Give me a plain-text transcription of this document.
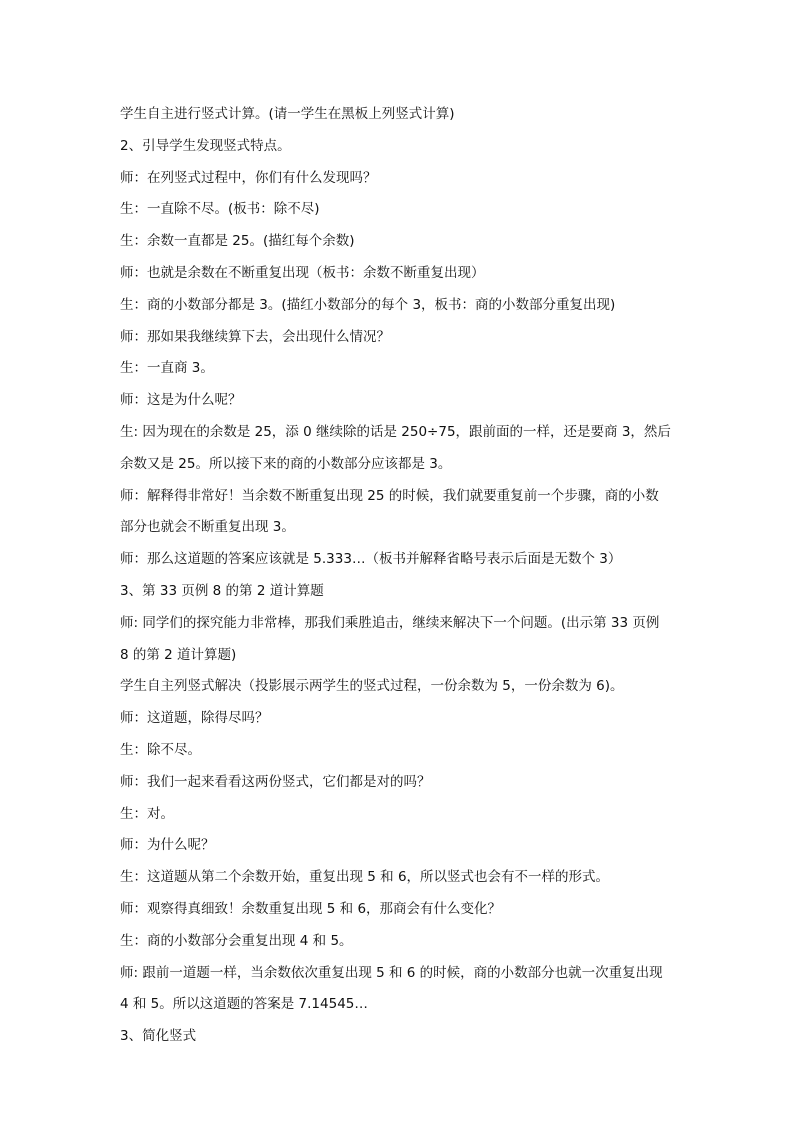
学生自主进行竖式计算。(请一学生在黑板上列竖式计算)
2、引导学生发现竖式特点。
师：在列竖式过程中，你们有什么发现吗？
生：一直除不尽。(板书：除不尽)
生：余数一直都是 25。(描红每个余数)
师：也就是余数在不断重复出现（板书：余数不断重复出现）
生：商的小数部分都是 3。(描红小数部分的每个 3，板书：商的小数部分重复出现)
师：那如果我继续算下去，会出现什么情况？
生：一直商 3。
师：这是为什么呢？
生: 因为现在的余数是 25，添 0 继续除的话是 250÷75，跟前面的一样，还是要商 3，然后
余数又是 25。所以接下来的商的小数部分应该都是 3。
师：解释得非常好！当余数不断重复出现 25 的时候，我们就要重复前一个步骤，商的小数
部分也就会不断重复出现 3。
师：那么这道题的答案应该就是 5.333…（板书并解释省略号表示后面是无数个 3）
3、第 33 页例 8 的第 2 道计算题
师: 同学们的探究能力非常棒，那我们乘胜追击，继续来解决下一个问题。(出示第 33 页例
8 的第 2 道计算题)
学生自主列竖式解决（投影展示两学生的竖式过程，一份余数为 5，一份余数为 6)。
师：这道题，除得尽吗？
生：除不尽。
师：我们一起来看看这两份竖式，它们都是对的吗？
生：对。
师：为什么呢？
生：这道题从第二个余数开始，重复出现 5 和 6，所以竖式也会有不一样的形式。
师：观察得真细致！余数重复出现 5 和 6，那商会有什么变化？
生：商的小数部分会重复出现 4 和 5。
师: 跟前一道题一样，当余数依次重复出现 5 和 6 的时候，商的小数部分也就一次重复出现
4 和 5。所以这道题的答案是 7.14545…
3、简化竖式
